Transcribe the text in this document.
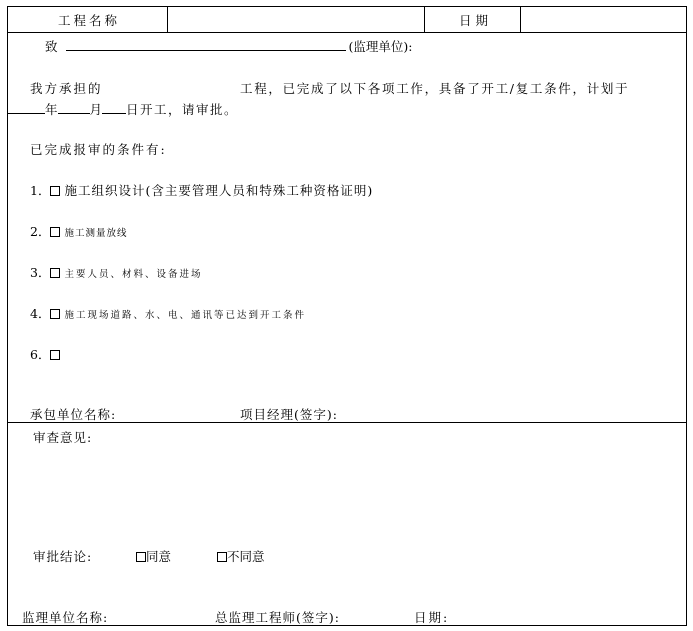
工程名称	日期
致	(监理单位):
我方承担的	工程，已完成了以下各项工作，具备了开工/复工条件，计划于
年	月 日开工，请审批。
已完成报审的条件有:
1． 施工组织设计(含主要管理人员和特殊工种资格证明)
2． 施工测量放线
3． 主要人员、材料、设备进场
4． 施工现场道路、水、电、通讯等已达到开工条件
6．
承包单位名称:	项目经理(签字):
审查意见:
审批结论:	同意	不同意
监理单位名称:	总监理工程师(签字):	日期:
